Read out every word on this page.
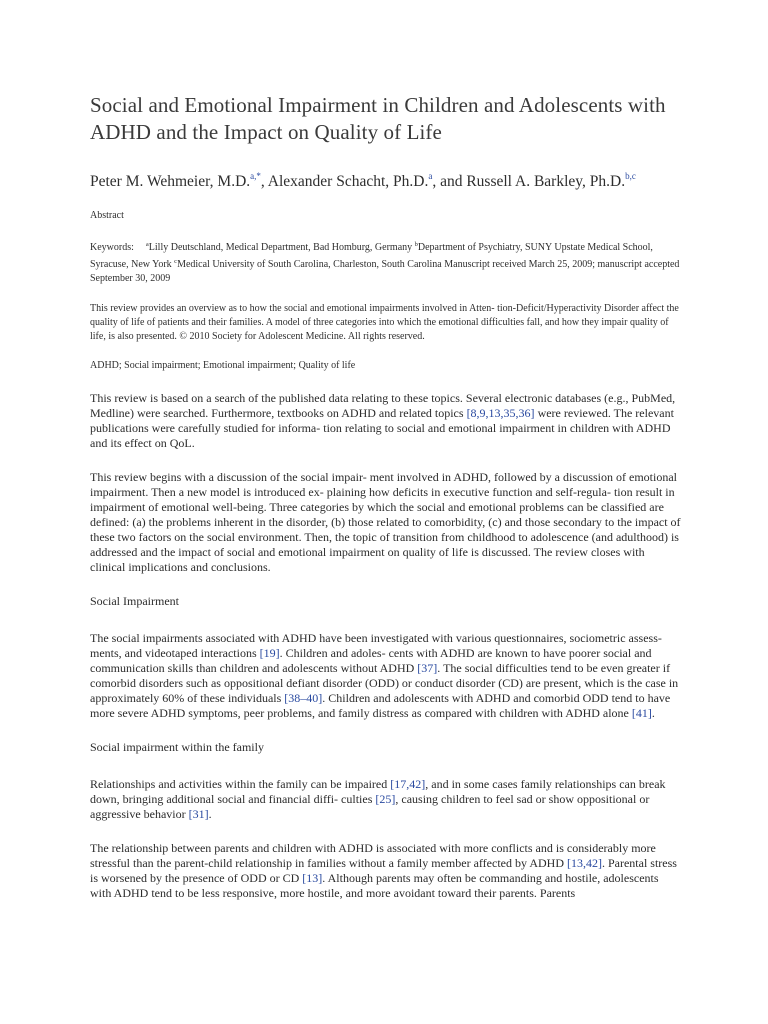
Social and Emotional Impairment in Children and Adolescents with ADHD and the Impact on Quality of Life
Peter M. Wehmeier, M.D.$^{a,*}$, Alexander Schacht, Ph.D.$^a$, and Russell A. Barkley, Ph.D.$^{b,c}$
Abstract
Keywords: $^a$Lilly Deutschland, Medical Department, Bad Homburg, Germany $^b$Department of Psychiatry, SUNY Upstate Medical School, Syracuse, New York $^c$Medical University of South Carolina, Charleston, South Carolina Manuscript received March 25, 2009; manuscript accepted September 30, 2009
This review provides an overview as to how the social and emotional impairments involved in Atten- tion-Deficit/Hyperactivity Disorder affect the quality of life of patients and their families. A model of three categories into which the emotional difficulties fall, and how they impair quality of life, is also presented. © 2010 Society for Adolescent Medicine. All rights reserved.
ADHD; Social impairment; Emotional impairment; Quality of life
This review is based on a search of the published data relating to these topics. Several electronic databases (e.g., PubMed, Medline) were searched. Furthermore, textbooks on ADHD and related topics [8,9,13,35,36] were reviewed. The relevant publications were carefully studied for informa- tion relating to social and emotional impairment in children with ADHD and its effect on QoL.
This review begins with a discussion of the social impair- ment involved in ADHD, followed by a discussion of emotional impairment. Then a new model is introduced ex- plaining how deficits in executive function and self-regula- tion result in impairment of emotional well-being. Three categories by which the social and emotional problems can be classified are defined: (a) the problems inherent in the disorder, (b) those related to comorbidity, (c) and those secondary to the impact of these two factors on the social environment. Then, the topic of transition from childhood to adolescence (and adulthood) is addressed and the impact of social and emotional impairment on quality of life is discussed. The review closes with clinical implications and conclusions.
Social Impairment
The social impairments associated with ADHD have been investigated with various questionnaires, sociometric assess- ments, and videotaped interactions [19]. Children and adoles- cents with ADHD are known to have poorer social and communication skills than children and adolescents without ADHD [37]. The social difficulties tend to be even greater if comorbid disorders such as oppositional defiant disorder (ODD) or conduct disorder (CD) are present, which is the case in approximately 60% of these individuals [38–40]. Children and adolescents with ADHD and comorbid ODD tend to have more severe ADHD symptoms, peer problems, and family distress as compared with children with ADHD alone [41].
Social impairment within the family
Relationships and activities within the family can be impaired [17,42], and in some cases family relationships can break down, bringing additional social and financial diffi- culties [25], causing children to feel sad or show oppositional or aggressive behavior [31].
The relationship between parents and children with ADHD is associated with more conflicts and is considerably more stressful than the parent-child relationship in families without a family member affected by ADHD [13,42]. Parental stress is worsened by the presence of ODD or CD [13]. Although parents may often be commanding and hostile, adolescents with ADHD tend to be less responsive, more hostile, and more avoidant toward their parents. Parents
